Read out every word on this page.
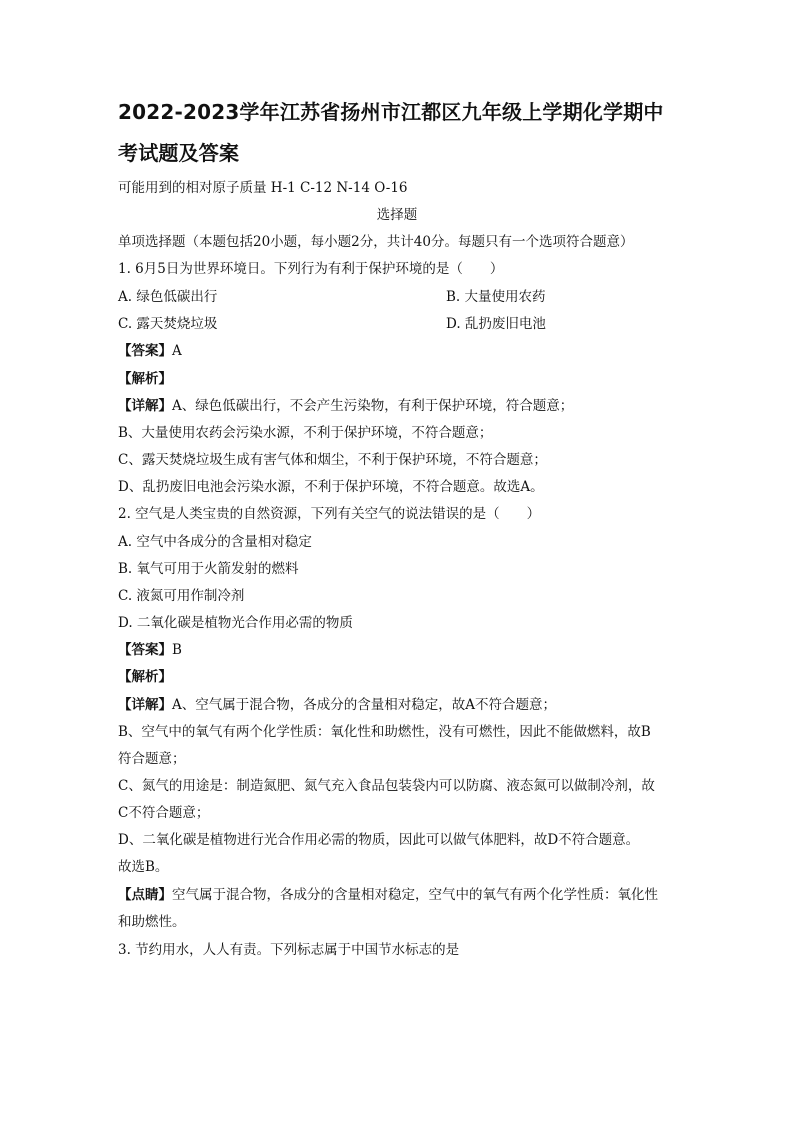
2022-2023学年江苏省扬州市江都区九年级上学期化学期中
考试题及答案
可能用到的相对原子质量 H-1 C-12 N-14 O-16
选择题
单项选择题（本题包括20小题，每小题2分，共计40分。每题只有一个选项符合题意）
1. 6月5日为世界环境日。下列行为有利于保护环境的是（　　）
A. 绿色低碳出行	B. 大量使用农药
C. 露天焚烧垃圾	D. 乱扔废旧电池
【答案】A
【解析】
【详解】A、绿色低碳出行，不会产生污染物，有利于保护环境，符合题意；
B、大量使用农药会污染水源，不利于保护环境，不符合题意；
C、露天焚烧垃圾生成有害气体和烟尘，不利于保护环境，不符合题意；
D、乱扔废旧电池会污染水源，不利于保护环境，不符合题意。故选A。
2. 空气是人类宝贵的自然资源，下列有关空气的说法错误的是（　　）
A. 空气中各成分的含量相对稳定
B. 氧气可用于火箭发射的燃料
C. 液氮可用作制冷剂
D. 二氧化碳是植物光合作用必需的物质
【答案】B
【解析】
【详解】A、空气属于混合物，各成分的含量相对稳定，故A不符合题意；
B、空气中的氧气有两个化学性质：氧化性和助燃性，没有可燃性，因此不能做燃料，故B
符合题意；
C、氮气的用途是：制造氮肥、氮气充入食品包装袋内可以防腐、液态氮可以做制冷剂，故
C不符合题意；
D、二氧化碳是植物进行光合作用必需的物质，因此可以做气体肥料，故D不符合题意。
故选B。
【点睛】空气属于混合物，各成分的含量相对稳定，空气中的氧气有两个化学性质：氧化性
和助燃性。
3. 节约用水，人人有责。下列标志属于中国节水标志的是
